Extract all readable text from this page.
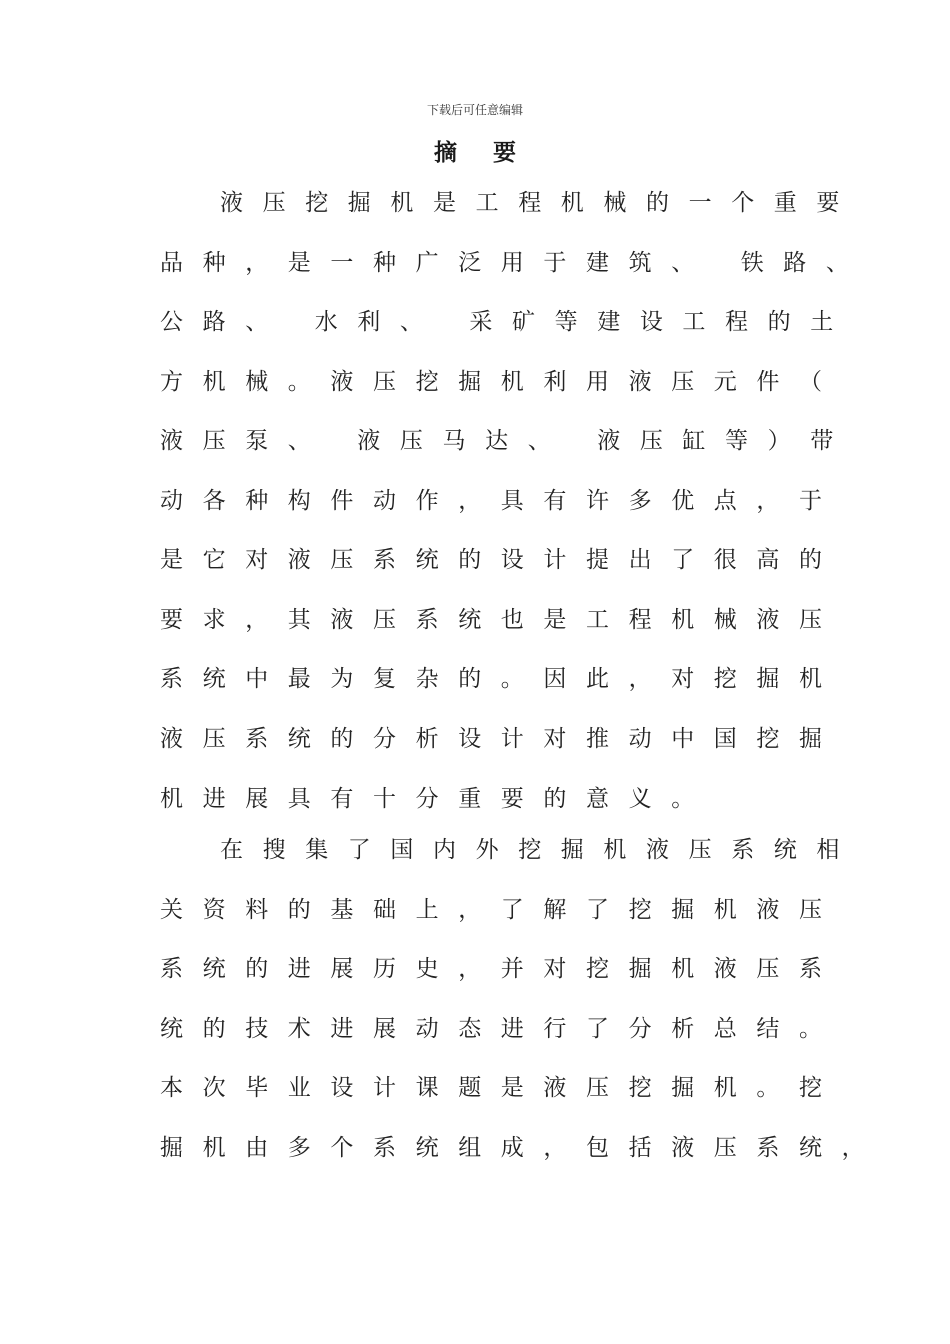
下载后可任意编辑
摘 要
液压挖掘机是工程机械的一个重要
品种，是一种广泛用于建筑、 铁路、
公路、 水利、 采矿等建设工程的土
方机械。液压挖掘机利用液压元件（
液压泵、 液压马达、 液压缸等）带
动各种构件动作，具有许多优点，于
是它对液压系统的设计提出了很高的
要求，其液压系统也是工程机械液压
系统中最为复杂的。因此，对挖掘机
液压系统的分析设计对推动中国挖掘
机进展具有十分重要的意义。
在搜集了国内外挖掘机液压系统相
关资料的基础上，了解了挖掘机液压
系统的进展历史，并对挖掘机液压系
统的技术进展动态进行了分析总结。
本次毕业设计课题是液压挖掘机。挖
掘机由多个系统组成，包括液压系统，
